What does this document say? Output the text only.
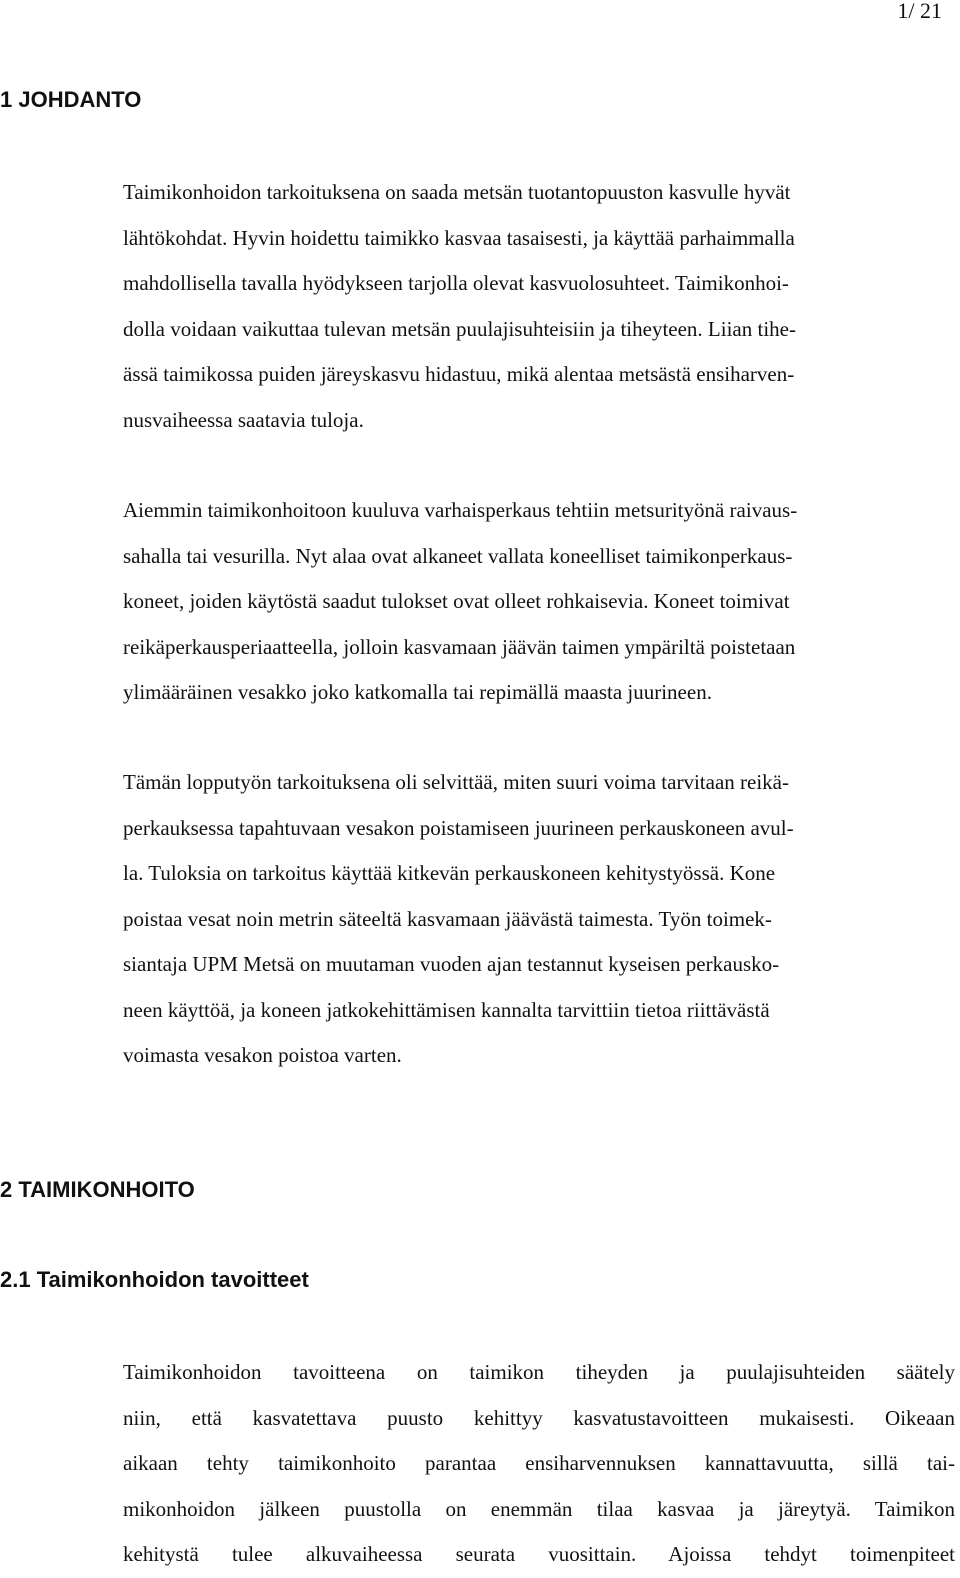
1/ 21
1 JOHDANTO
Taimikonhoidon tarkoituksena on saada metsän tuotantopuuston kasvulle hyvät
lähtökohdat. Hyvin hoidettu taimikko kasvaa tasaisesti, ja käyttää parhaimmalla
mahdollisella tavalla hyödykseen tarjolla olevat kasvuolosuhteet. Taimikonhoi-
dolla voidaan vaikuttaa tulevan metsän puulajisuhteisiin ja tiheyteen. Liian tihe-
ässä taimikossa puiden järeyskasvu hidastuu, mikä alentaa metsästä ensiharven-
nusvaiheessa saatavia tuloja.
Aiemmin taimikonhoitoon kuuluva varhaisperkaus tehtiin metsurityönä raivaus-
sahalla tai vesurilla. Nyt alaa ovat alkaneet vallata koneelliset taimikonperkaus-
koneet, joiden käytöstä saadut tulokset ovat olleet rohkaisevia. Koneet toimivat
reikäperkausperiaatteella, jolloin kasvamaan jäävän taimen ympäriltä poistetaan
ylimääräinen vesakko joko katkomalla tai repimällä maasta juurineen.
Tämän lopputyön tarkoituksena oli selvittää, miten suuri voima tarvitaan reikä-
perkauksessa tapahtuvaan vesakon poistamiseen juurineen perkauskoneen avul-
la. Tuloksia on tarkoitus käyttää kitkevän perkauskoneen kehitystyössä. Kone
poistaa vesat noin metrin säteeltä kasvamaan jäävästä taimesta. Työn toimek-
siantaja UPM Metsä on muutaman vuoden ajan testannut kyseisen perkausko-
neen käyttöä, ja koneen jatkokehittämisen kannalta tarvittiin tietoa riittävästä
voimasta vesakon poistoa varten.
2 TAIMIKONHOITO
2.1 Taimikonhoidon tavoitteet
Taimikonhoidon tavoitteena on taimikon tiheyden ja puulajisuhteiden säätely
niin, että kasvatettava puusto kehittyy kasvatustavoitteen mukaisesti. Oikeaan
aikaan tehty taimikonhoito parantaa ensiharvennuksen kannattavuutta, sillä tai-
mikonhoidon jälkeen puustolla on enemmän tilaa kasvaa ja järeytyä. Taimikon
kehitystä tulee alkuvaiheessa seurata vuosittain. Ajoissa tehdyt toimenpiteet
